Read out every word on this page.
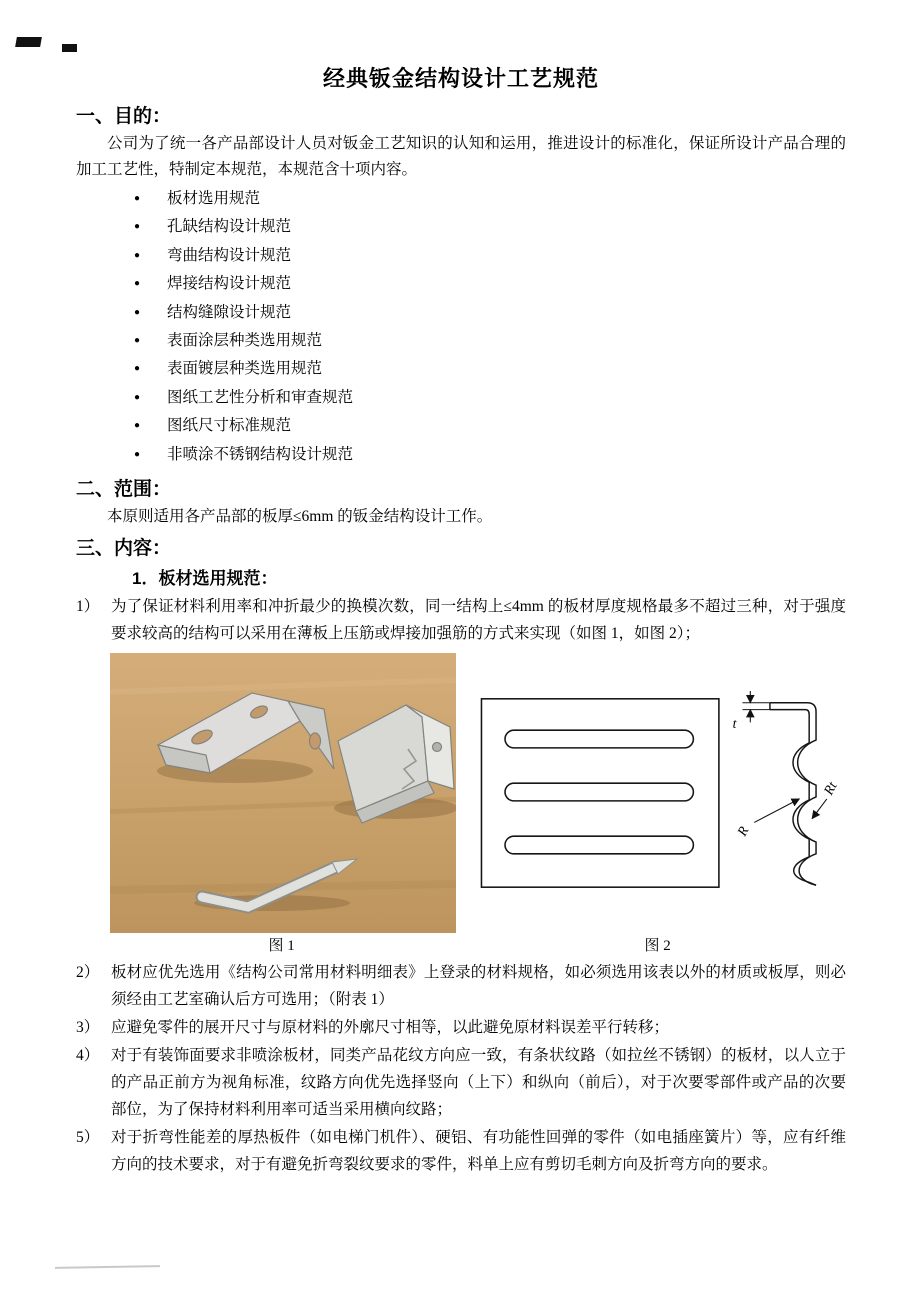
经典钣金结构设计工艺规范
一、目的：

公司为了统一各产品部设计人员对钣金工艺知识的认知和运用，推进设计的标准化，保证所设计产品合理的加工工艺性，特制定本规范，本规范含十项内容。

●	板材选用规范
●	孔缺结构设计规范
●	弯曲结构设计规范
●	焊接结构设计规范
●	结构缝隙设计规范
●	表面涂层种类选用规范
●	表面镀层种类选用规范
●	图纸工艺性分析和审查规范
●	图纸尺寸标准规范
●	非喷涂不锈钢结构设计规范
二、范围：

本原则适用各产品部的板厚≤6mm 的钣金结构设计工作。

三、内容：
1．板材选用规范：
1） 为了保证材料利用率和冲折最少的换模次数，同一结构上≤4mm 的板材厚度规格最多不超过三种，对于强度要求较高的结构可以采用在薄板上压筋或焊接加强筋的方式来实现（如图 1，如图 2）；
t
R
Rt
图 1	图 2
2） 板材应优先选用《结构公司常用材料明细表》上登录的材料规格，如必须选用该表以外的材质或板厚，则必须经由工艺室确认后方可选用；（附表 1）
3） 应避免零件的展开尺寸与原材料的外廓尺寸相等，以此避免原材料误差平行转移；
4） 对于有装饰面要求非喷涂板材，同类产品花纹方向应一致，有条状纹路（如拉丝不锈钢）的板材，以人立于的产品正前方为视角标准，纹路方向优先选择竖向（上下）和纵向（前后），对于次要零部件或产品的次要部位，为了保持材料利用率可适当采用横向纹路；
5） 对于折弯性能差的厚热板件（如电梯门机件）、硬铝、有功能性回弹的零件（如电插座簧片）等，应有纤维方向的技术要求，对于有避免折弯裂纹要求的零件，料单上应有剪切毛刺方向及折弯方向的要求。
